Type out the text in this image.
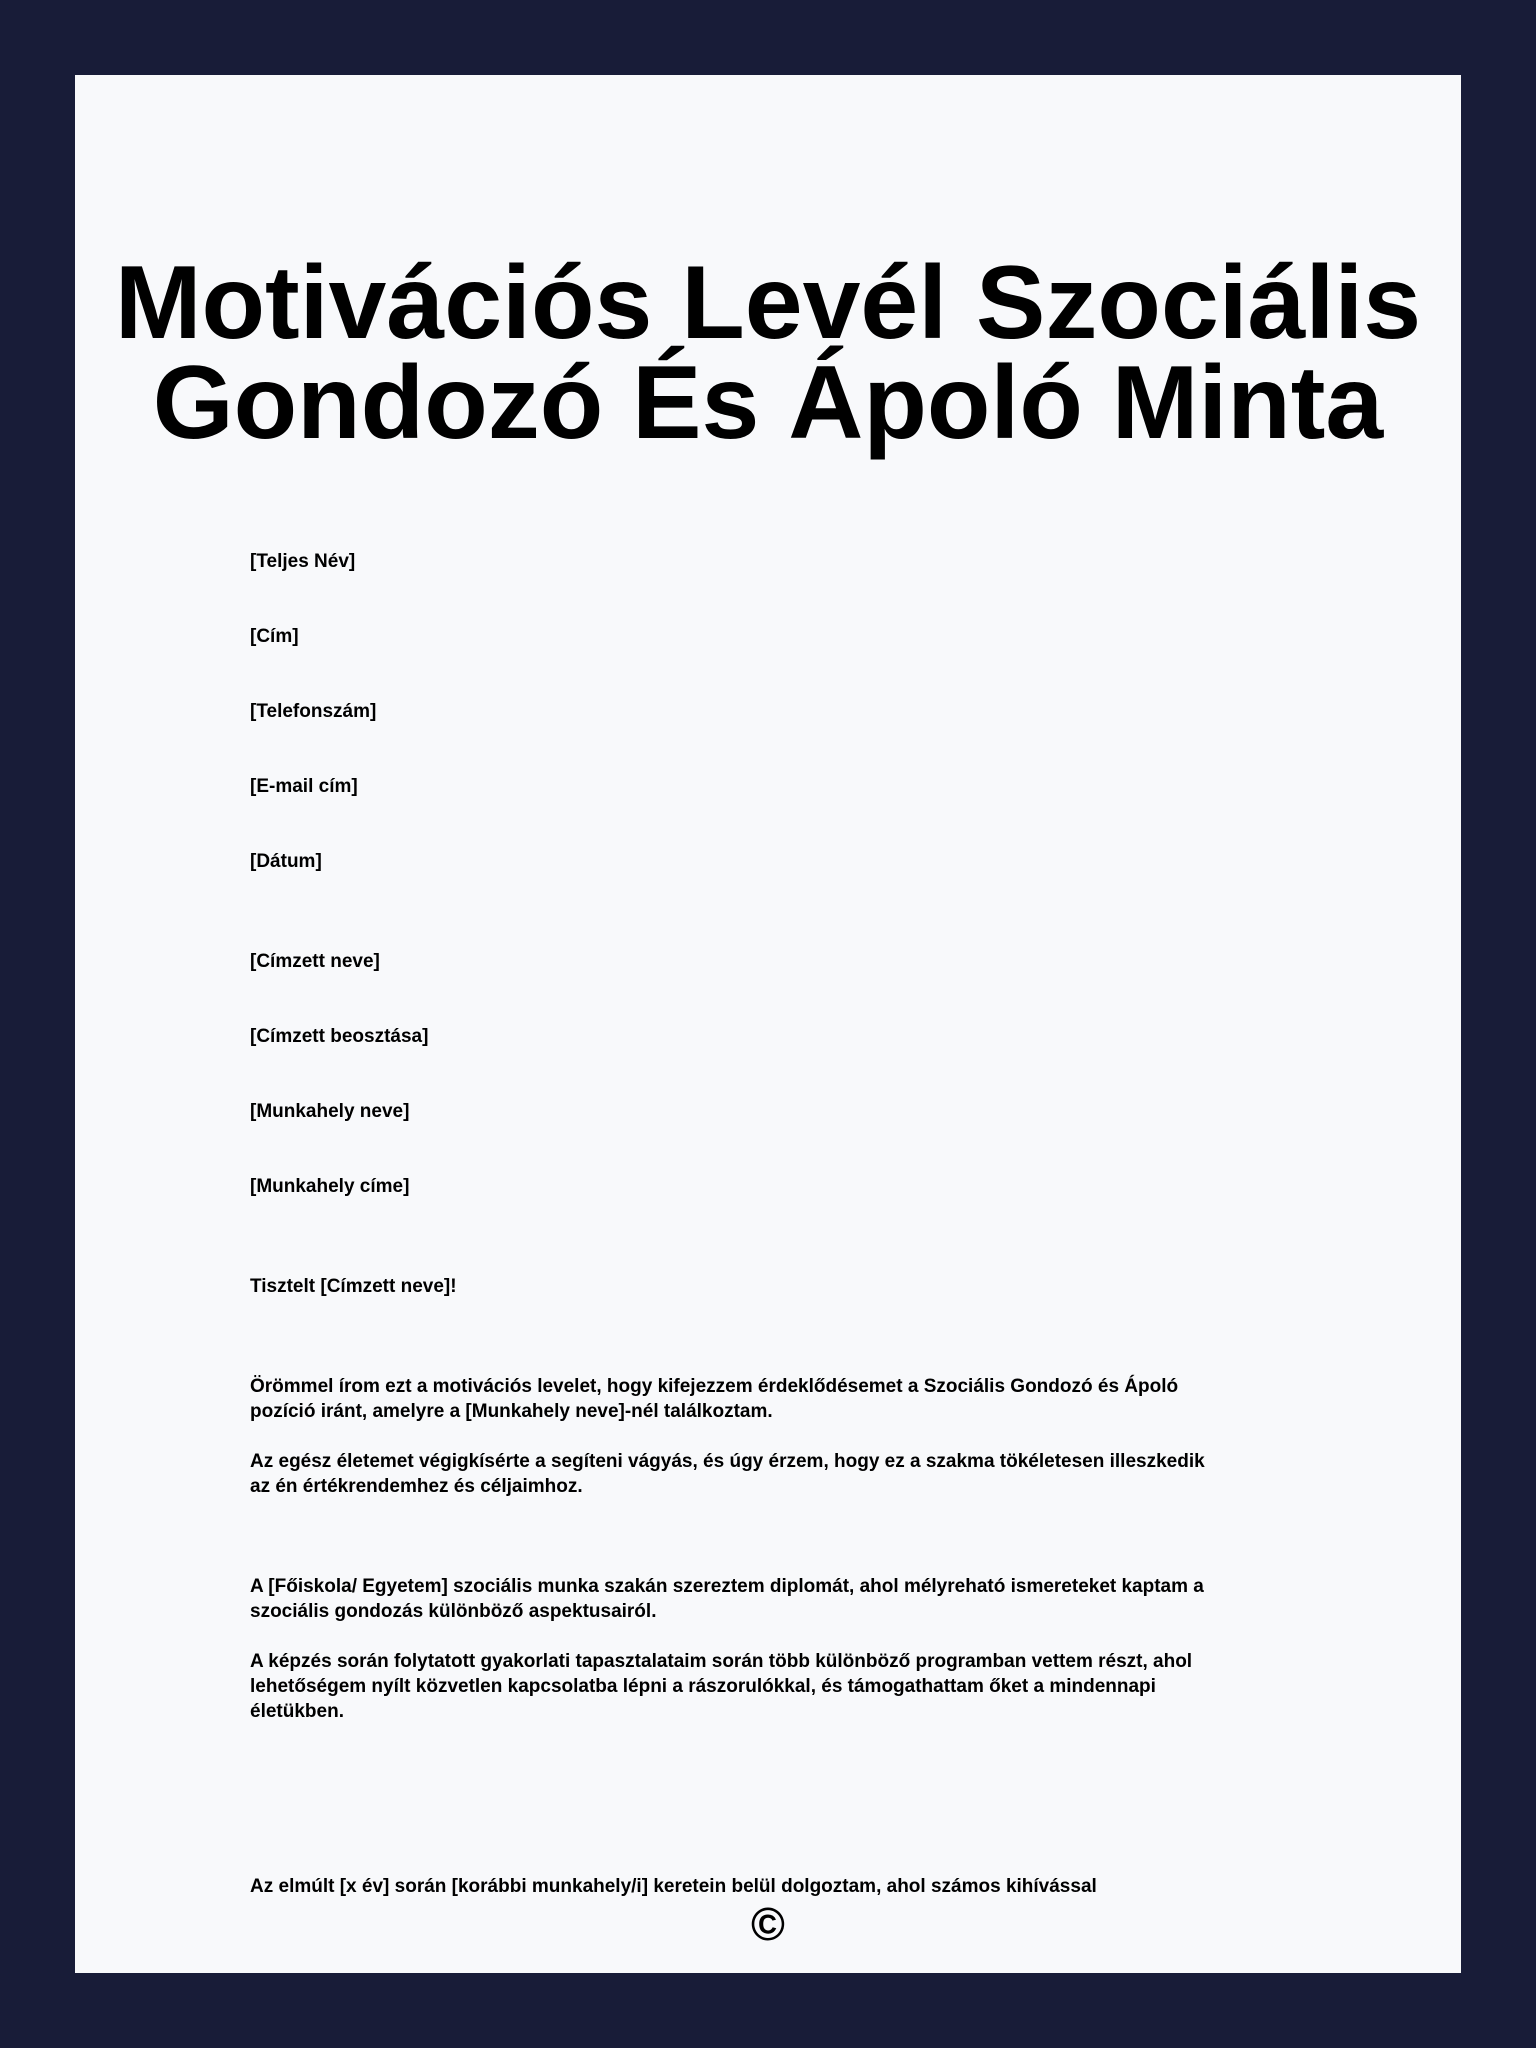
Motivációs Levél Szociális
Gondozó És Ápoló Minta
[Teljes Név]
[Cím]
[Telefonszám]
[E-mail cím]
[Dátum]
[Címzett neve]
[Címzett beosztása]
[Munkahely neve]
[Munkahely címe]
Tisztelt [Címzett neve]!
Örömmel írom ezt a motivációs levelet, hogy kifejezzem érdeklődésemet a Szociális Gondozó és Ápoló
pozíció iránt, amelyre a [Munkahely neve]-nél találkoztam.
Az egész életemet végigkísérte a segíteni vágyás, és úgy érzem, hogy ez a szakma tökéletesen illeszkedik
az én értékrendemhez és céljaimhoz.
A [Főiskola/ Egyetem] szociális munka szakán szereztem diplomát, ahol mélyreható ismereteket kaptam a
szociális gondozás különböző aspektusairól.
A képzés során folytatott gyakorlati tapasztalataim során több különböző programban vettem részt, ahol
lehetőségem nyílt közvetlen kapcsolatba lépni a rászorulókkal, és támogathattam őket a mindennapi
életükben.
Az elmúlt [x év] során [korábbi munkahely/i] keretein belül dolgoztam, ahol számos kihívással
©
